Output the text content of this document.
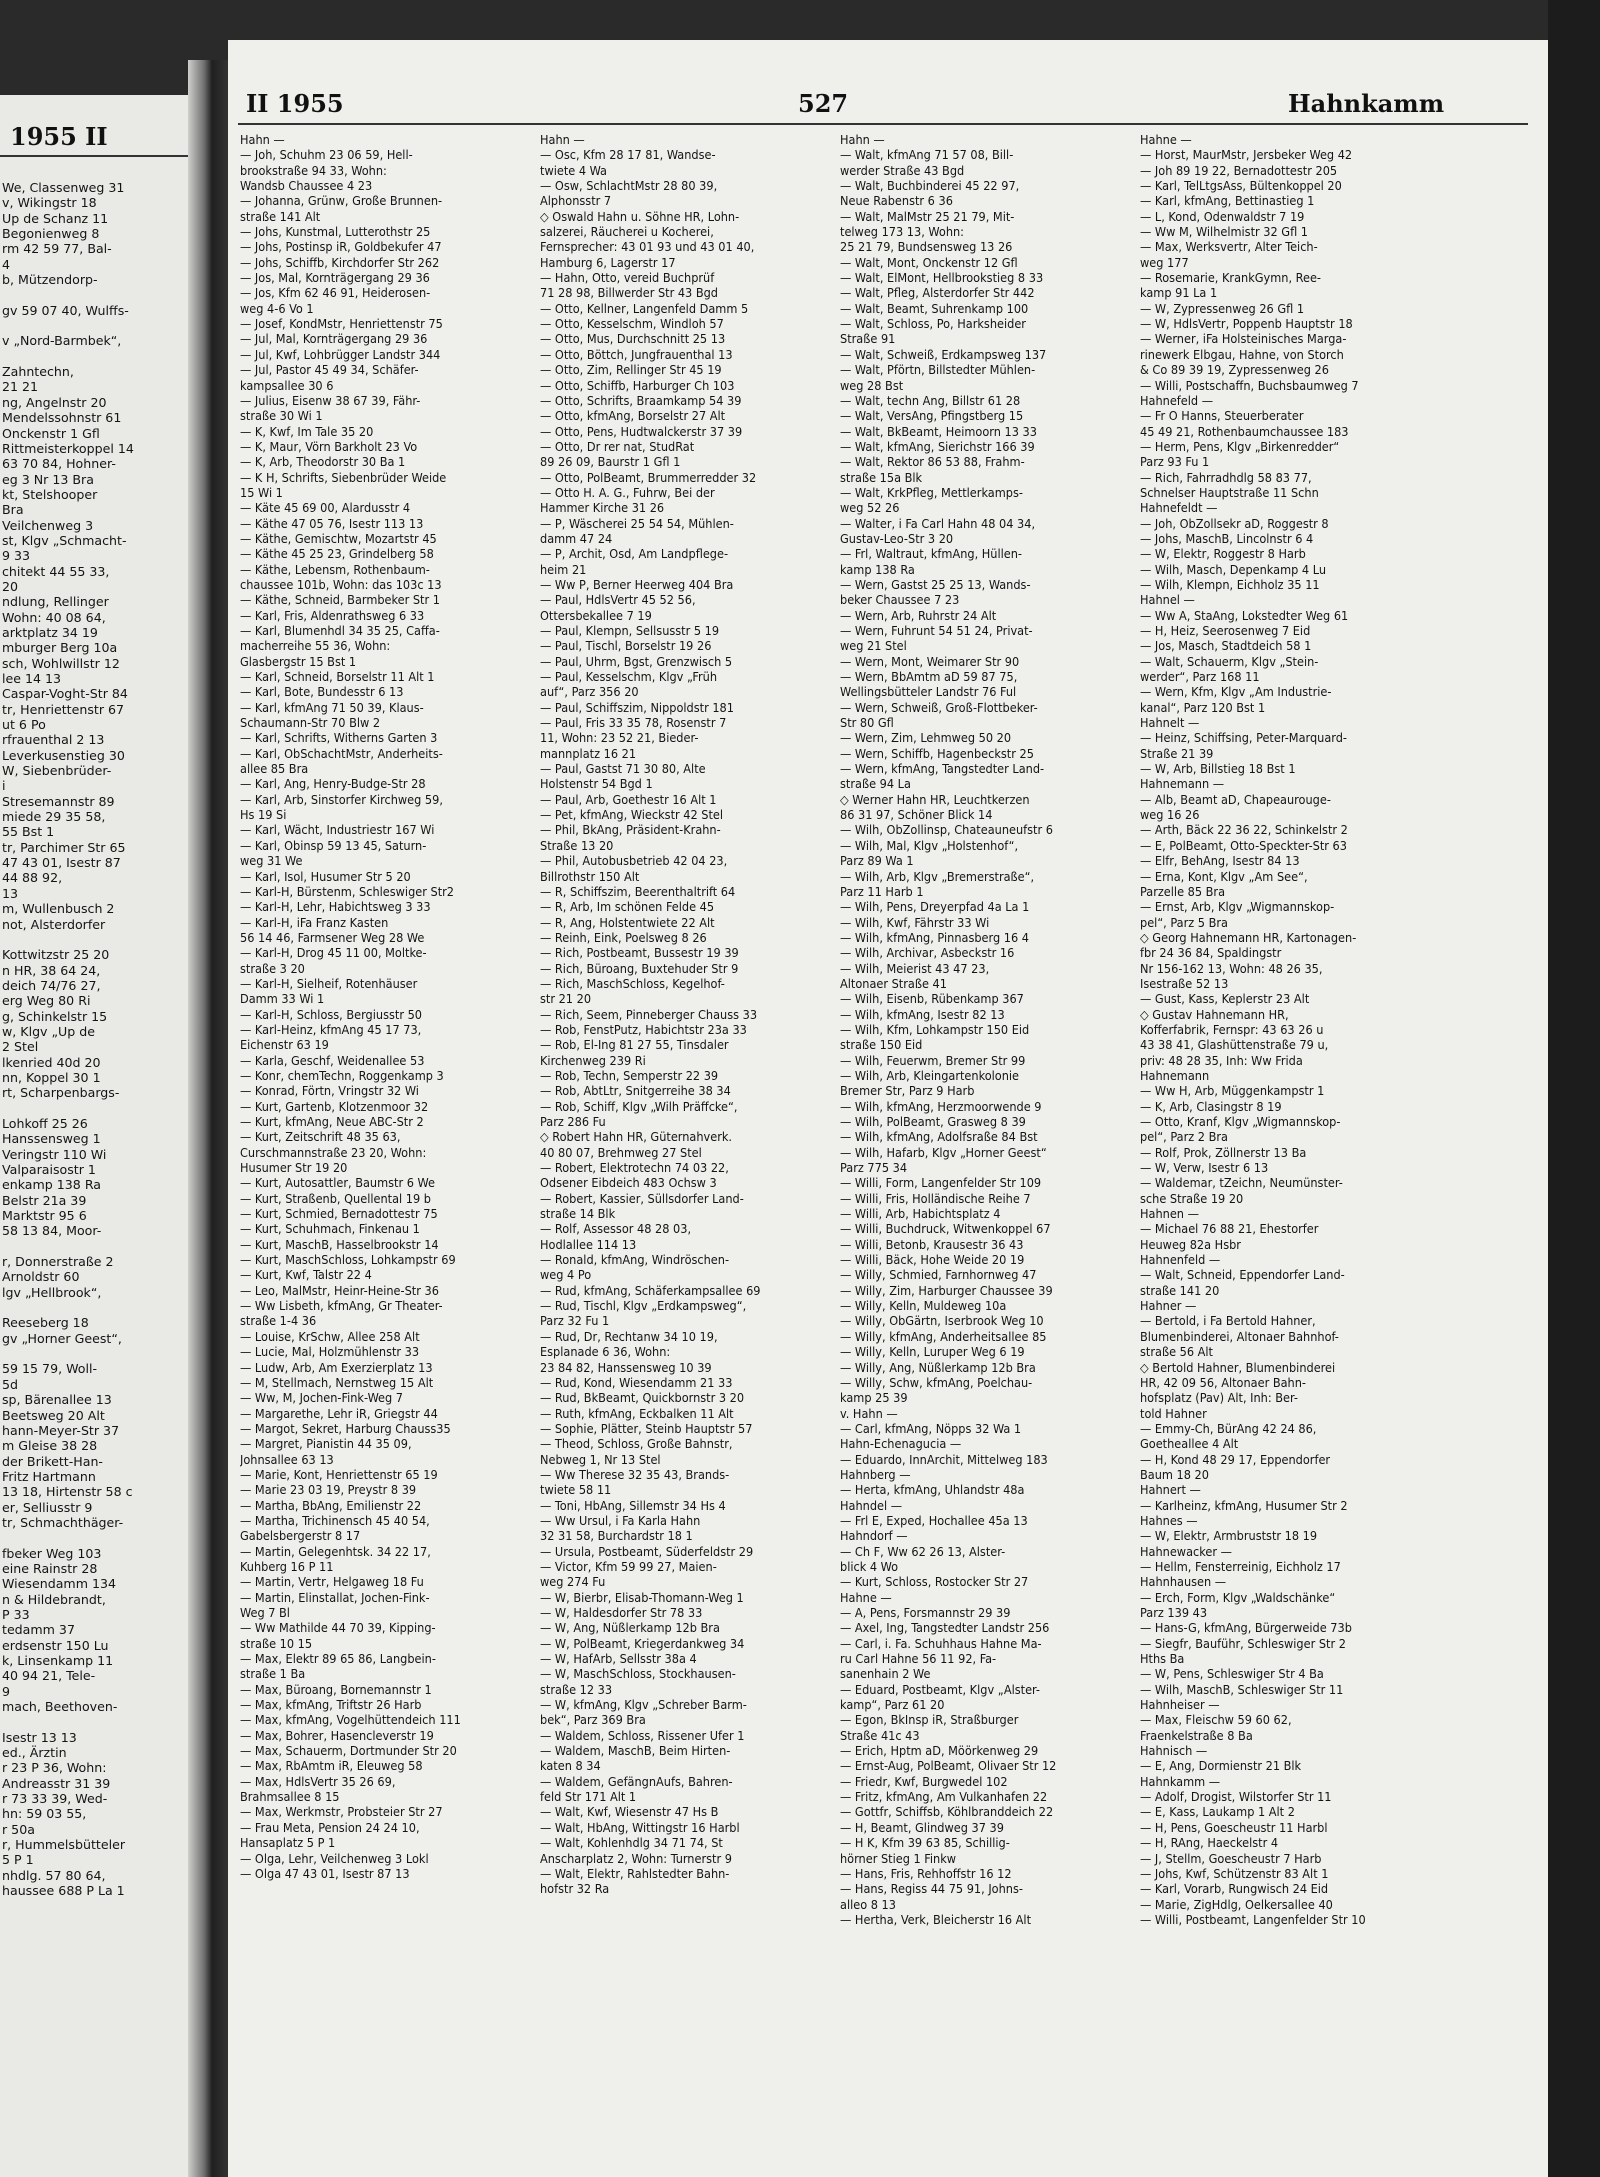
1955 II
We, Classenweg 31
v, Wikingstr 18
Up de Schanz 11
Begonienweg 8
rm 42 59 77, Bal-
4
b, Mützendorp-

gv 59 07 40, Wulffs-

v „Nord-Barmbek“,

Zahntechn,
21 21
ng, Angelnstr 20
Mendelssohnstr 61
Onckenstr 1 Gfl
Rittmeisterkoppel 14
63 70 84, Hohner-
eg 3 Nr 13 Bra
kt, Stelshooper
Bra
Veilchenweg 3
st, Klgv „Schmacht-
9 33
chitekt 44 55 33,
20
ndlung, Rellinger
Wohn: 40 08 64,
arktplatz 34 19
mburger Berg 10a
sch, Wohlwillstr 12
lee 14 13
Caspar-Voght-Str 84
tr, Henriettenstr 67
ut 6 Po
rfrauenthal 2 13
Leverkusenstieg 30
W, Siebenbrüder-
i
Stresemannstr 89
miede 29 35 58,
55 Bst 1
tr, Parchimer Str 65
47 43 01, Isestr 87
44 88 92,
13
m, Wullenbusch 2
not, Alsterdorfer

Kottwitzstr 25 20
n HR, 38 64 24,
deich 74/76 27,
erg Weg 80 Ri
g, Schinkelstr 15
w, Klgv „Up de
2 Stel
lkenried 40d 20
nn, Koppel 30 1
rt, Scharpenbargs-

Lohkoff 25 26
Hanssensweg 1
Veringstr 110 Wi
Valparaisostr 1
enkamp 138 Ra
Belstr 21a 39
Marktstr 95 6
58 13 84, Moor-

r, Donnerstraße 2
Arnoldstr 60
lgv „Hellbrook“,

Reeseberg 18
gv „Horner Geest“,

59 15 79, Woll-
5d
sp, Bärenallee 13
Beetsweg 20 Alt
hann-Meyer-Str 37
m Gleise 38 28
der Brikett-Han-
Fritz Hartmann
13 18, Hirtenstr 58 c
er, Selliusstr 9
tr, Schmachthäger-

fbeker Weg 103
eine Rainstr 28
Wiesendamm 134
n & Hildebrandt,
P 33
tedamm 37
erdsenstr 150 Lu
k, Linsenkamp 11
40 94 21, Tele-
9
mach, Beethoven-

Isestr 13 13
ed., Ärztin
r 23 P 36, Wohn:
Andreasstr 31 39
r 73 33 39, Wed-
hn: 59 03 55,
r 50a
r, Hummelsbütteler
5 P 1
nhdlg. 57 80 64,
haussee 688 P La 1
II 1955	527	Hahnkamm
Hahn —
— Joh, Schuhm 23 06 59, Hell-
brookstraße 94 33, Wohn:
Wandsb Chaussee 4 23
— Johanna, Grünw, Große Brunnen-
straße 141 Alt
— Johs, Kunstmal, Lutterothstr 25
— Johs, Postinsp iR, Goldbekufer 47
— Johs, Schiffb, Kirchdorfer Str 262
— Jos, Mal, Kornträgergang 29 36
— Jos, Kfm 62 46 91, Heiderosen-
weg 4-6 Vo 1
— Josef, KondMstr, Henriettenstr 75
— Jul, Mal, Kornträgergang 29 36
— Jul, Kwf, Lohbrügger Landstr 344
— Jul, Pastor 45 49 34, Schäfer-
kampsallee 30 6
— Julius, Eisenw 38 67 39, Fähr-
straße 30 Wi 1
— K, Kwf, Im Tale 35 20
— K, Maur, Vörn Barkholt 23 Vo
— K, Arb, Theodorstr 30 Ba 1
— K H, Schrifts, Siebenbrüder Weide
15 Wi 1
— Käte 45 69 00, Alardusstr 4
— Käthe 47 05 76, Isestr 113 13
— Käthe, Gemischtw, Mozartstr 45
— Käthe 45 25 23, Grindelberg 58
— Käthe, Lebensm, Rothenbaum-
chaussee 101b, Wohn: das 103c 13
— Käthe, Schneid, Barmbeker Str 1
— Karl, Fris, Aldenrathsweg 6 33
— Karl, Blumenhdl 34 35 25, Caffa-
macherreihe 55 36, Wohn:
Glasbergstr 15 Bst 1
— Karl, Schneid, Borselstr 11 Alt 1
— Karl, Bote, Bundesstr 6 13
— Karl, kfmAng 71 50 39, Klaus-
Schaumann-Str 70 Blw 2
— Karl, Schrifts, Witherns Garten 3
— Karl, ObSchachtMstr, Anderheits-
allee 85 Bra
— Karl, Ang, Henry-Budge-Str 28
— Karl, Arb, Sinstorfer Kirchweg 59,
Hs 19 Si
— Karl, Wächt, Industriestr 167 Wi
— Karl, Obinsp 59 13 45, Saturn-
weg 31 We
— Karl, Isol, Husumer Str 5 20
— Karl-H, Bürstenm, Schleswiger Str2
— Karl-H, Lehr, Habichtsweg 3 33
— Karl-H, iFa Franz Kasten
56 14 46, Farmsener Weg 28 We
— Karl-H, Drog 45 11 00, Moltke-
straße 3 20
— Karl-H, Sielheif, Rotenhäuser
Damm 33 Wi 1
— Karl-H, Schloss, Bergiusstr 50
— Karl-Heinz, kfmAng 45 17 73,
Eichenstr 63 19
— Karla, Geschf, Weidenallee 53
— Konr, chemTechn, Roggenkamp 3
— Konrad, Förtn, Vringstr 32 Wi
— Kurt, Gartenb, Klotzenmoor 32
— Kurt, kfmAng, Neue ABC-Str 2
— Kurt, Zeitschrift 48 35 63,
Curschmannstraße 23 20, Wohn:
Husumer Str 19 20
— Kurt, Autosattler, Baumstr 6 We
— Kurt, Straßenb, Quellental 19 b
— Kurt, Schmied, Bernadottestr 75
— Kurt, Schuhmach, Finkenau 1
— Kurt, MaschB, Hasselbrookstr 14
— Kurt, MaschSchloss, Lohkampstr 69
— Kurt, Kwf, Talstr 22 4
— Leo, MalMstr, Heinr-Heine-Str 36
— Ww Lisbeth, kfmAng, Gr Theater-
straße 1-4 36
— Louise, KrSchw, Allee 258 Alt
— Lucie, Mal, Holzmühlenstr 33
— Ludw, Arb, Am Exerzierplatz 13
— M, Stellmach, Nernstweg 15 Alt
— Ww, M, Jochen-Fink-Weg 7
— Margarethe, Lehr iR, Griegstr 44
— Margot, Sekret, Harburg Chauss35
— Margret, Pianistin 44 35 09,
Johnsallee 63 13
— Marie, Kont, Henriettenstr 65 19
— Marie 23 03 19, Preystr 8 39
— Martha, BbAng, Emilienstr 22
— Martha, Trichinensch 45 40 54,
Gabelsbergerstr 8 17
— Martin, Gelegenhtsk. 34 22 17,
Kuhberg 16 P 11
— Martin, Vertr, Helgaweg 18 Fu
— Martin, Elinstallat, Jochen-Fink-
Weg 7 Bl
— Ww Mathilde 44 70 39, Kipping-
straße 10 15
— Max, Elektr 89 65 86, Langbein-
straße 1 Ba
— Max, Büroang, Bornemannstr 1
— Max, kfmAng, Triftstr 26 Harb
— Max, kfmAng, Vogelhüttendeich 111
— Max, Bohrer, Hasencleverstr 19
— Max, Schauerm, Dortmunder Str 20
— Max, RbAmtm iR, Eleuweg 58
— Max, HdlsVertr 35 26 69,
Brahmsallee 8 15
— Max, Werkmstr, Probsteier Str 27
— Frau Meta, Pension 24 24 10,
Hansaplatz 5 P 1
— Olga, Lehr, Veilchenweg 3 Lokl
— Olga 47 43 01, Isestr 87 13
Hahn —
— Osc, Kfm 28 17 81, Wandse-
twiete 4 Wa
— Osw, SchlachtMstr 28 80 39,
Alphonsstr 7
◇ Oswald Hahn u. Söhne HR, Lohn-
salzerei, Räucherei u Kocherei,
Fernsprecher: 43 01 93 und 43 01 40,
Hamburg 6, Lagerstr 17
— Hahn, Otto, vereid Buchprüf
71 28 98, Billwerder Str 43 Bgd
— Otto, Kellner, Langenfeld Damm 5
— Otto, Kesselschm, Windloh 57
— Otto, Mus, Durchschnitt 25 13
— Otto, Böttch, Jungfrauenthal 13
— Otto, Zim, Rellinger Str 45 19
— Otto, Schiffb, Harburger Ch 103
— Otto, Schrifts, Braamkamp 54 39
— Otto, kfmAng, Borselstr 27 Alt
— Otto, Pens, Hudtwalckerstr 37 39
— Otto, Dr rer nat, StudRat
89 26 09, Baurstr 1 Gfl 1
— Otto, PolBeamt, Brummerredder 32
— Otto H. A. G., Fuhrw, Bei der
Hammer Kirche 31 26
— P, Wäscherei 25 54 54, Mühlen-
damm 47 24
— P, Archit, Osd, Am Landpflege-
heim 21
— Ww P, Berner Heerweg 404 Bra
— Paul, HdlsVertr 45 52 56,
Ottersbekallee 7 19
— Paul, Klempn, Sellsusstr 5 19
— Paul, Tischl, Borselstr 19 26
— Paul, Uhrm, Bgst, Grenzwisch 5
— Paul, Kesselschm, Klgv „Früh
auf“, Parz 356 20
— Paul, Schiffszim, Nippoldstr 181
— Paul, Fris 33 35 78, Rosenstr 7
11, Wohn: 23 52 21, Bieder-
mannplatz 16 21
— Paul, Gastst 71 30 80, Alte
Holstenstr 54 Bgd 1
— Paul, Arb, Goethestr 16 Alt 1
— Pet, kfmAng, Wieckstr 42 Stel
— Phil, BkAng, Präsident-Krahn-
Straße 13 20
— Phil, Autobusbetrieb 42 04 23,
Billrothstr 150 Alt
— R, Schiffszim, Beerenthaltrift 64
— R, Arb, Im schönen Felde 45
— R, Ang, Holstentwiete 22 Alt
— Reinh, Eink, Poelsweg 8 26
— Rich, Postbeamt, Bussestr 19 39
— Rich, Büroang, Buxtehuder Str 9
— Rich, MaschSchloss, Kegelhof-
str 21 20
— Rich, Seem, Pinneberger Chauss 33
— Rob, FenstPutz, Habichtstr 23a 33
— Rob, El-Ing 81 27 55, Tinsdaler
Kirchenweg 239 Ri
— Rob, Techn, Semperstr 22 39
— Rob, AbtLtr, Snitgerreihe 38 34
— Rob, Schiff, Klgv „Wilh Präffcke“,
Parz 286 Fu
◇ Robert Hahn HR, Güternahverk.
40 80 07, Brehmweg 27 Stel
— Robert, Elektrotechn 74 03 22,
Odsener Eibdeich 483 Ochsw 3
— Robert, Kassier, Süllsdorfer Land-
straße 14 Blk
— Rolf, Assessor 48 28 03,
Hodlallee 114 13
— Ronald, kfmAng, Windröschen-
weg 4 Po
— Rud, kfmAng, Schäferkampsallee 69
— Rud, Tischl, Klgv „Erdkampsweg“,
Parz 32 Fu 1
— Rud, Dr, Rechtanw 34 10 19,
Esplanade 6 36, Wohn:
23 84 82, Hanssensweg 10 39
— Rud, Kond, Wiesendamm 21 33
— Rud, BkBeamt, Quickbornstr 3 20
— Ruth, kfmAng, Eckbalken 11 Alt
— Sophie, Plätter, Steinb Hauptstr 57
— Theod, Schloss, Große Bahnstr,
Nebweg 1, Nr 13 Stel
— Ww Therese 32 35 43, Brands-
twiete 58 11
— Toni, HbAng, Sillemstr 34 Hs 4
— Ww Ursul, i Fa Karla Hahn
32 31 58, Burchardstr 18 1
— Ursula, Postbeamt, Süderfeldstr 29
— Victor, Kfm 59 99 27, Maien-
weg 274 Fu
— W, Bierbr, Elisab-Thomann-Weg 1
— W, Haldesdorfer Str 78 33
— W, Ang, Nüßlerkamp 12b Bra
— W, PolBeamt, Kriegerdankweg 34
— W, HafArb, Sellsstr 38a 4
— W, MaschSchloss, Stockhausen-
straße 12 33
— W, kfmAng, Klgv „Schreber Barm-
bek“, Parz 369 Bra
— Waldem, Schloss, Rissener Ufer 1
— Waldem, MaschB, Beim Hirten-
katen 8 34
— Waldem, GefängnAufs, Bahren-
feld Str 171 Alt 1
— Walt, Kwf, Wiesenstr 47 Hs B
— Walt, HbAng, Wittingstr 16 Harbl
— Walt, Kohlenhdlg 34 71 74, St
Anscharplatz 2, Wohn: Turnerstr 9
— Walt, Elektr, Rahlstedter Bahn-
hofstr 32 Ra
Hahn —
— Walt, kfmAng 71 57 08, Bill-
werder Straße 43 Bgd
— Walt, Buchbinderei 45 22 97,
Neue Rabenstr 6 36
— Walt, MalMstr 25 21 79, Mit-
telweg 173 13, Wohn:
25 21 79, Bundsensweg 13 26
— Walt, Mont, Onckenstr 12 Gfl
— Walt, ElMont, Hellbrookstieg 8 33
— Walt, Pfleg, Alsterdorfer Str 442
— Walt, Beamt, Suhrenkamp 100
— Walt, Schloss, Po, Harksheider
Straße 91
— Walt, Schweiß, Erdkampsweg 137
— Walt, Pförtn, Billstedter Mühlen-
weg 28 Bst
— Walt, techn Ang, Billstr 61 28
— Walt, VersAng, Pfingstberg 15
— Walt, BkBeamt, Heimoorn 13 33
— Walt, kfmAng, Sierichstr 166 39
— Walt, Rektor 86 53 88, Frahm-
straße 15a Blk
— Walt, KrkPfleg, Mettlerkamps-
weg 52 26
— Walter, i Fa Carl Hahn 48 04 34,
Gustav-Leo-Str 3 20
— Frl, Waltraut, kfmAng, Hüllen-
kamp 138 Ra
— Wern, Gastst 25 25 13, Wands-
beker Chaussee 7 23
— Wern, Arb, Ruhrstr 24 Alt
— Wern, Fuhrunt 54 51 24, Privat-
weg 21 Stel
— Wern, Mont, Weimarer Str 90
— Wern, BbAmtm aD 59 87 75,
Wellingsbütteler Landstr 76 Ful
— Wern, Schweiß, Groß-Flottbeker-
Str 80 Gfl
— Wern, Zim, Lehmweg 50 20
— Wern, Schiffb, Hagenbeckstr 25
— Wern, kfmAng, Tangstedter Land-
straße 94 La
◇ Werner Hahn HR, Leuchtkerzen
86 31 97, Schöner Blick 14
— Wilh, ObZollinsp, Chateauneufstr 6
— Wilh, Mal, Klgv „Holstenhof“,
Parz 89 Wa 1
— Wilh, Arb, Klgv „Bremerstraße“,
Parz 11 Harb 1
— Wilh, Pens, Dreyerpfad 4a La 1
— Wilh, Kwf, Fährstr 33 Wi
— Wilh, kfmAng, Pinnasberg 16 4
— Wilh, Archivar, Asbeckstr 16
— Wilh, Meierist 43 47 23,
Altonaer Straße 41
— Wilh, Eisenb, Rübenkamp 367
— Wilh, kfmAng, Isestr 82 13
— Wilh, Kfm, Lohkampstr 150 Eid
straße 150 Eid
— Wilh, Feuerwm, Bremer Str 99
— Wilh, Arb, Kleingartenkolonie
Bremer Str, Parz 9 Harb
— Wilh, kfmAng, Herzmoorwende 9
— Wilh, PolBeamt, Grasweg 8 39
— Wilh, kfmAng, Adolfsraße 84 Bst
— Wilh, Hafarb, Klgv „Horner Geest“
Parz 775 34
— Willi, Form, Langenfelder Str 109
— Willi, Fris, Holländische Reihe 7
— Willi, Arb, Habichtsplatz 4
— Willi, Buchdruck, Witwenkoppel 67
— Willi, Betonb, Krausestr 36 43
— Willi, Bäck, Hohe Weide 20 19
— Willy, Schmied, Farnhornweg 47
— Willy, Zim, Harburger Chaussee 39
— Willy, Kelln, Muldeweg 10a
— Willy, ObGärtn, Iserbrook Weg 10
— Willy, kfmAng, Anderheitsallee 85
— Willy, Kelln, Luruper Weg 6 19
— Willy, Ang, Nüßlerkamp 12b Bra
— Willy, Schw, kfmAng, Poelchau-
kamp 25 39
v. Hahn —
— Carl, kfmAng, Nöpps 32 Wa 1
Hahn-Echenagucia —
— Eduardo, InnArchit, Mittelweg 183
Hahnberg —
— Herta, kfmAng, Uhlandstr 48a
Hahndel —
— Frl E, Exped, Hochallee 45a 13
Hahndorf —
— Ch F, Ww 62 26 13, Alster-
blick 4 Wo
— Kurt, Schloss, Rostocker Str 27
Hahne —
— A, Pens, Forsmannstr 29 39
— Axel, Ing, Tangstedter Landstr 256
— Carl, i. Fa. Schuhhaus Hahne Ma-
ru Carl Hahne 56 11 92, Fa-
sanenhain 2 We
— Eduard, Postbeamt, Klgv „Alster-
kamp“, Parz 61 20
— Egon, BkInsp iR, Straßburger
Straße 41c 43
— Erich, Hptm aD, Möörkenweg 29
— Ernst-Aug, PolBeamt, Olivaer Str 12
— Friedr, Kwf, Burgwedel 102
— Fritz, kfmAng, Am Vulkanhafen 22
— Gottfr, Schiffsb, Köhlbranddeich 22
— H, Beamt, Glindweg 37 39
— H K, Kfm 39 63 85, Schillig-
hörner Stieg 1 Finkw
— Hans, Fris, Rehhoffstr 16 12
— Hans, Regiss 44 75 91, Johns-
alleo 8 13
— Hertha, Verk, Bleicherstr 16 Alt
Hahne —
— Horst, MaurMstr, Jersbeker Weg 42
— Joh 89 19 22, Bernadottestr 205
— Karl, TelLtgsAss, Bültenkoppel 20
— Karl, kfmAng, Bettinastieg 1
— L, Kond, Odenwaldstr 7 19
— Ww M, Wilhelmistr 32 Gfl 1
— Max, Werksvertr, Alter Teich-
weg 177
— Rosemarie, KrankGymn, Ree-
kamp 91 La 1
— W, Zypressenweg 26 Gfl 1
— W, HdlsVertr, Poppenb Hauptstr 18
— Werner, iFa Holsteinisches Marga-
rinewerk Elbgau, Hahne, von Storch
& Co 89 39 19, Zypressenweg 26
— Willi, Postschaffn, Buchsbaumweg 7
Hahnefeld —
— Fr O Hanns, Steuerberater
45 49 21, Rothenbaumchaussee 183
— Herm, Pens, Klgv „Birkenredder“
Parz 93 Fu 1
— Rich, Fahrradhdlg 58 83 77,
Schnelser Hauptstraße 11 Schn
Hahnefeldt —
— Joh, ObZollsekr aD, Roggestr 8
— Johs, MaschB, Lincolnstr 6 4
— W, Elektr, Roggestr 8 Harb
— Wilh, Masch, Depenkamp 4 Lu
— Wilh, Klempn, Eichholz 35 11
Hahnel —
— Ww A, StaAng, Lokstedter Weg 61
— H, Heiz, Seerosenweg 7 Eid
— Jos, Masch, Stadtdeich 58 1
— Walt, Schauerm, Klgv „Stein-
werder“, Parz 168 11
— Wern, Kfm, Klgv „Am Industrie-
kanal“, Parz 120 Bst 1
Hahnelt —
— Heinz, Schiffsing, Peter-Marquard-
Straße 21 39
— W, Arb, Billstieg 18 Bst 1
Hahnemann —
— Alb, Beamt aD, Chapeaurouge-
weg 16 26
— Arth, Bäck 22 36 22, Schinkelstr 2
— E, PolBeamt, Otto-Speckter-Str 63
— Elfr, BehAng, Isestr 84 13
— Erna, Kont, Klgv „Am See“,
Parzelle 85 Bra
— Ernst, Arb, Klgv „Wigmannskop-
pel“, Parz 5 Bra
◇ Georg Hahnemann HR, Kartonagen-
fbr 24 36 84, Spaldingstr
Nr 156-162 13, Wohn: 48 26 35,
Isestraße 52 13
— Gust, Kass, Keplerstr 23 Alt
◇ Gustav Hahnemann HR,
Kofferfabrik, Fernspr: 43 63 26 u
43 38 41, Glashüttenstraße 79 u,
priv: 48 28 35, Inh: Ww Frida
Hahnemann
— Ww H, Arb, Müggenkampstr 1
— K, Arb, Clasingstr 8 19
— Otto, Kranf, Klgv „Wigmannskop-
pel“, Parz 2 Bra
— Rolf, Prok, Zöllnerstr 13 Ba
— W, Verw, Isestr 6 13
— Waldemar, tZeichn, Neumünster-
sche Straße 19 20
Hahnen —
— Michael 76 88 21, Ehestorfer
Heuweg 82a Hsbr
Hahnenfeld —
— Walt, Schneid, Eppendorfer Land-
straße 141 20
Hahner —
— Bertold, i Fa Bertold Hahner,
Blumenbinderei, Altonaer Bahnhof-
straße 56 Alt
◇ Bertold Hahner, Blumenbinderei
HR, 42 09 56, Altonaer Bahn-
hofsplatz (Pav) Alt, Inh: Ber-
told Hahner
— Emmy-Ch, BürAng 42 24 86,
Goetheallee 4 Alt
— H, Kond 48 29 17, Eppendorfer
Baum 18 20
Hahnert —
— Karlheinz, kfmAng, Husumer Str 2
Hahnes —
— W, Elektr, Armbruststr 18 19
Hahnewacker —
— Hellm, Fensterreinig, Eichholz 17
Hahnhausen —
— Erch, Form, Klgv „Waldschänke“
Parz 139 43
— Hans-G, kfmAng, Bürgerweide 73b
— Siegfr, Bauführ, Schleswiger Str 2
Hths Ba
— W, Pens, Schleswiger Str 4 Ba
— Wilh, MaschB, Schleswiger Str 11
Hahnheiser —
— Max, Fleischw 59 60 62,
Fraenkelstraße 8 Ba
Hahnisch —
— E, Ang, Dormienstr 21 Blk
Hahnkamm —
— Adolf, Drogist, Wilstorfer Str 11
— E, Kass, Laukamp 1 Alt 2
— H, Pens, Goescheustr 11 Harbl
— H, RAng, Haeckelstr 4
— J, Stellm, Goescheustr 7 Harb
— Johs, Kwf, Schützenstr 83 Alt 1
— Karl, Vorarb, Rungwisch 24 Eid
— Marie, ZigHdlg, Oelkersallee 40
— Willi, Postbeamt, Langenfelder Str 10
